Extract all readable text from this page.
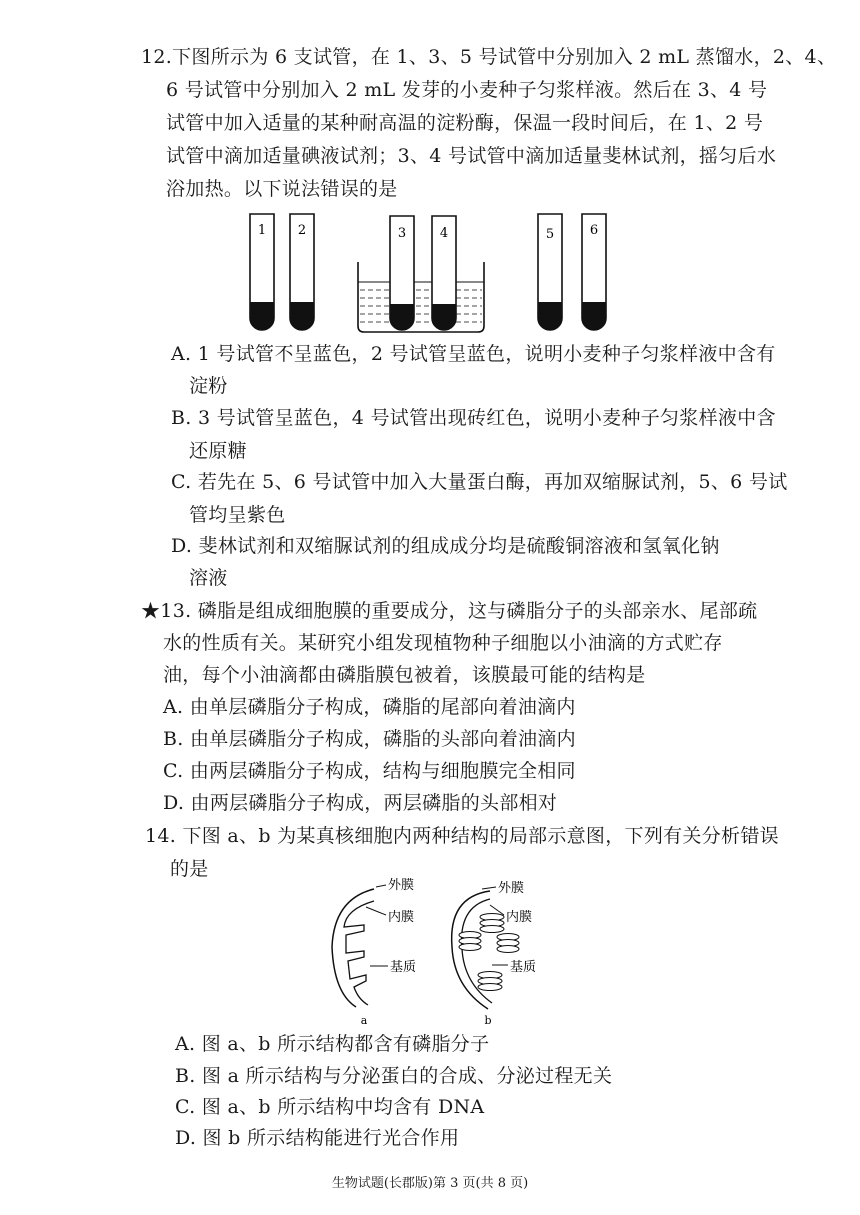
12.下图所示为 6 支试管，在 1、3、5 号试管中分别加入 2 mL 蒸馏水，2、4、
6 号试管中分别加入 2 mL 发芽的小麦种子匀浆样液。然后在 3、4 号
试管中加入适量的某种耐高温的淀粉酶，保温一段时间后，在 1、2 号
试管中滴加适量碘液试剂；3、4 号试管中滴加适量斐林试剂，摇匀后水
浴加热。以下说法错误的是
1 2	3	4	5	6
A. 1 号试管不呈蓝色，2 号试管呈蓝色，说明小麦种子匀浆样液中含有
淀粉
B. 3 号试管呈蓝色，4 号试管出现砖红色，说明小麦种子匀浆样液中含
还原糖
C. 若先在 5、6 号试管中加入大量蛋白酶，再加双缩脲试剂，5、6 号试
管均呈紫色
D. 斐林试剂和双缩脲试剂的组成成分均是硫酸铜溶液和氢氧化钠
溶液
★13. 磷脂是组成细胞膜的重要成分，这与磷脂分子的头部亲水、尾部疏
水的性质有关。某研究小组发现植物种子细胞以小油滴的方式贮存
油，每个小油滴都由磷脂膜包被着，该膜最可能的结构是
A. 由单层磷脂分子构成，磷脂的尾部向着油滴内
B. 由单层磷脂分子构成，磷脂的头部向着油滴内
C. 由两层磷脂分子构成，结构与细胞膜完全相同
D. 由两层磷脂分子构成，两层磷脂的头部相对
14. 下图 a、b 为某真核细胞内两种结构的局部示意图，下列有关分析错误
的是
外膜
内膜
基质
a
外膜
内膜
基质
b
A. 图 a、b 所示结构都含有磷脂分子
B. 图 a 所示结构与分泌蛋白的合成、分泌过程无关
C. 图 a、b 所示结构中均含有 DNA
D. 图 b 所示结构能进行光合作用
生物试题(长郡版)第 3 页(共 8 页)
